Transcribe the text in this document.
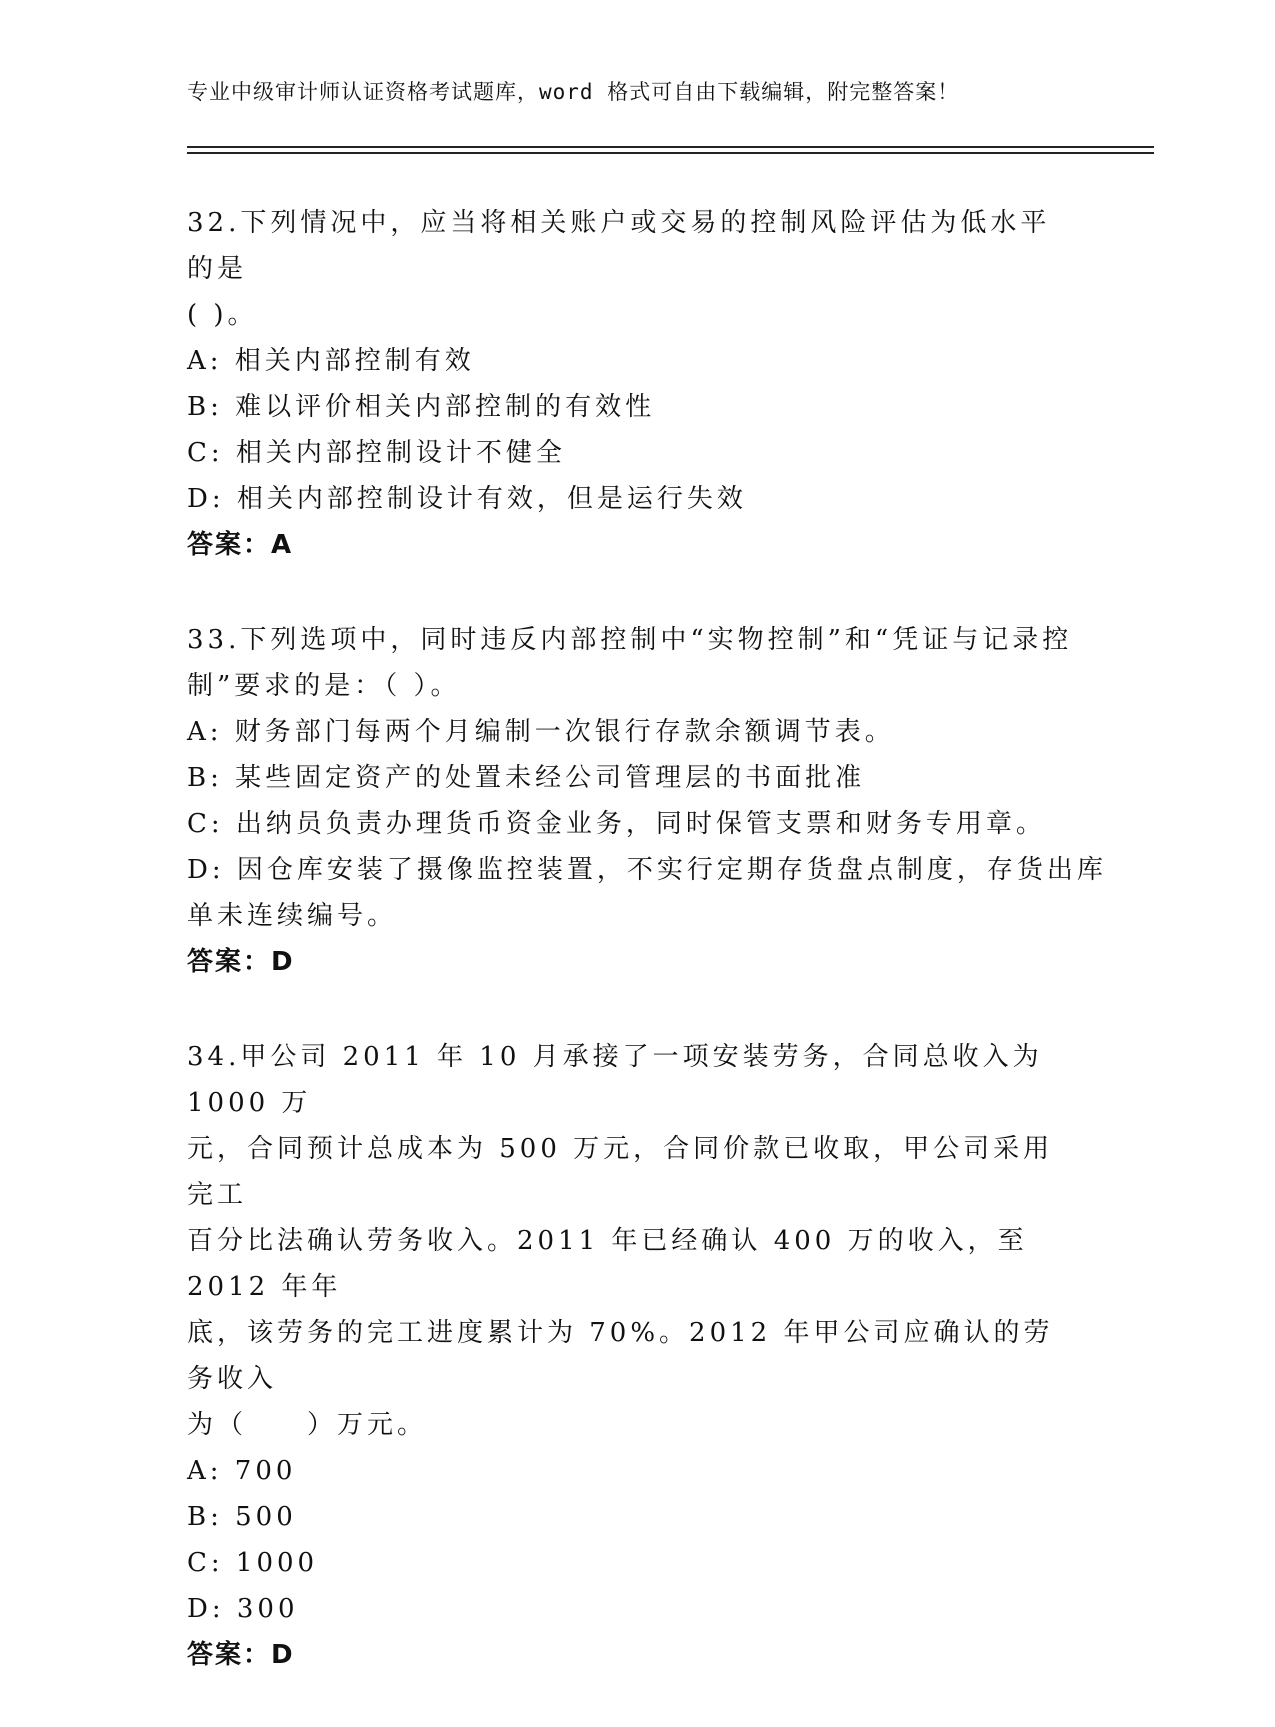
专业中级审计师认证资格考试题库，word 格式可自由下载编辑，附完整答案！

32.下列情况中，应当将相关账户或交易的控制风险评估为低水平的是

( )。

A: 相关内部控制有效

B: 难以评价相关内部控制的有效性

C: 相关内部控制设计不健全

D: 相关内部控制设计有效，但是运行失效

答案：A

33.下列选项中，同时违反内部控制中“实物控制”和“凭证与记录控

制”要求的是：（ ）。

A: 财务部门每两个月编制一次银行存款余额调节表。

B: 某些固定资产的处置未经公司管理层的书面批准

C: 出纳员负责办理货币资金业务，同时保管支票和财务专用章。

D: 因仓库安装了摄像监控装置，不实行定期存货盘点制度，存货出库

单未连续编号。

答案：D

34.甲公司 2011 年 10 月承接了一项安装劳务，合同总收入为 1000 万

元，合同预计总成本为 500 万元，合同价款已收取，甲公司采用完工

百分比法确认劳务收入。2011 年已经确认 400 万的收入，至 2012 年年

底，该劳务的完工进度累计为 70%。2012 年甲公司应确认的劳务收入

为（　　）万元。

A: 700

B: 500

C: 1000

D: 300

答案：D
